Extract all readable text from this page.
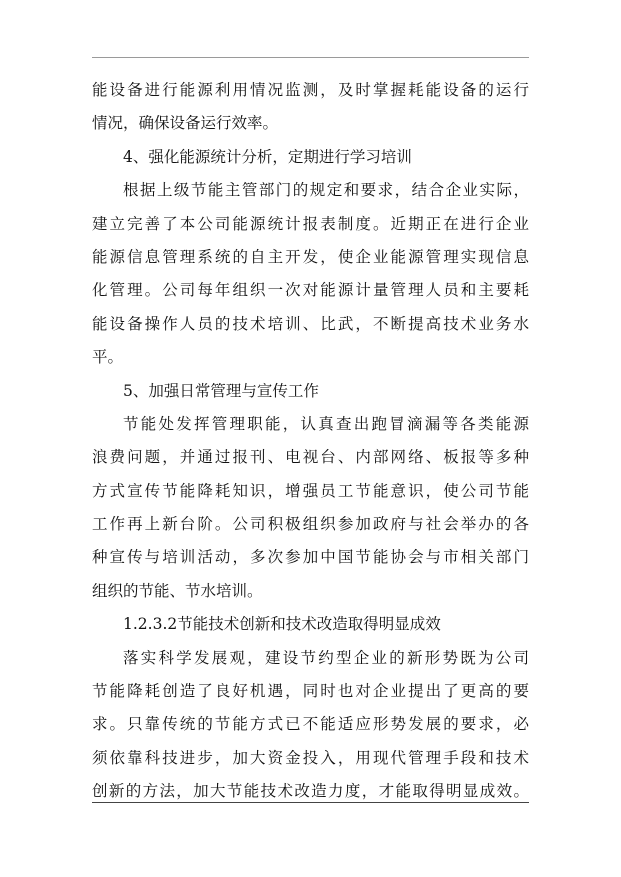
能设备进行能源利用情况监测，及时掌握耗能设备的运行
情况，确保设备运行效率。
4、强化能源统计分析，定期进行学习培训
根据上级节能主管部门的规定和要求，结合企业实际，
建立完善了本公司能源统计报表制度。近期正在进行企业
能源信息管理系统的自主开发，使企业能源管理实现信息
化管理。公司每年组织一次对能源计量管理人员和主要耗
能设备操作人员的技术培训、比武，不断提高技术业务水
平。
5、加强日常管理与宣传工作
节能处发挥管理职能，认真查出跑冒滴漏等各类能源
浪费问题，并通过报刊、电视台、内部网络、板报等多种
方式宣传节能降耗知识，增强员工节能意识，使公司节能
工作再上新台阶。公司积极组织参加政府与社会举办的各
种宣传与培训活动，多次参加中国节能协会与市相关部门
组织的节能、节水培训。
1.2.3.2节能技术创新和技术改造取得明显成效
落实科学发展观，建设节约型企业的新形势既为公司
节能降耗创造了良好机遇，同时也对企业提出了更高的要
求。只靠传统的节能方式已不能适应形势发展的要求，必
须依靠科技进步，加大资金投入，用现代管理手段和技术
创新的方法，加大节能技术改造力度，才能取得明显成效。
